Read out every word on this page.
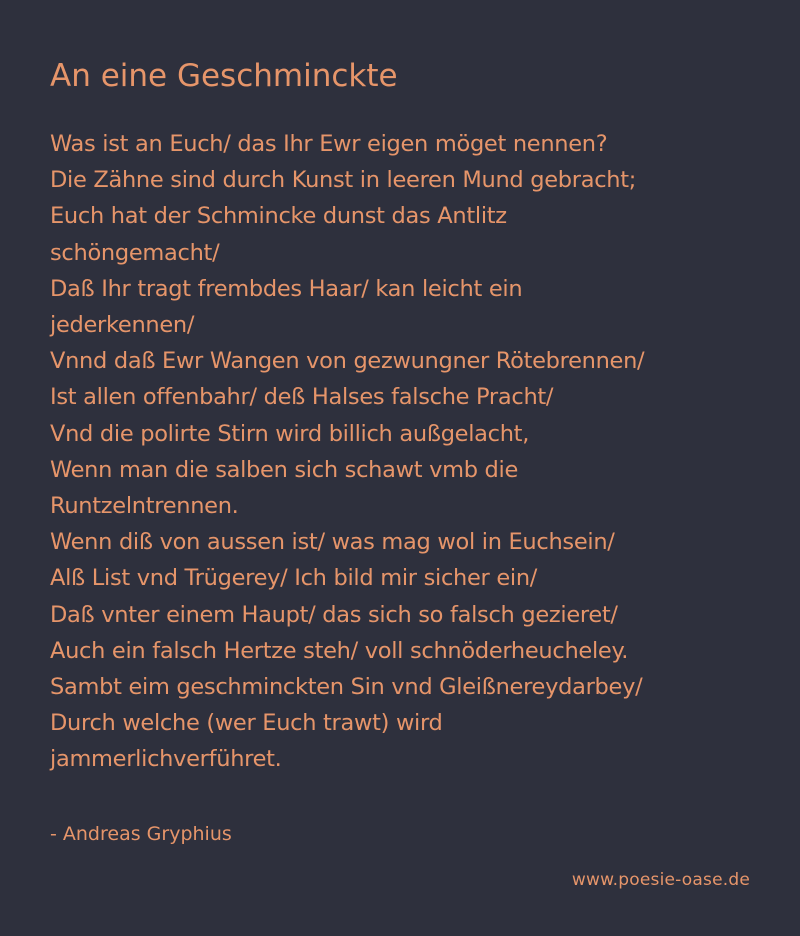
An eine Geschminckte
Was ist an Euch/ das Ihr Ewr eigen möget nennen?
Die Zähne sind durch Kunst in leeren Mund gebracht;
Euch hat der Schmincke dunst das Antlitz
schöngemacht/
Daß Ihr tragt frembdes Haar/ kan leicht ein
jederkennen/
Vnnd daß Ewr Wangen von gezwungner Rötebrennen/
Ist allen offenbahr/ deß Halses falsche Pracht/
Vnd die polirte Stirn wird billich außgelacht,
Wenn man die salben sich schawt vmb die
Runtzelntrennen.
Wenn diß von aussen ist/ was mag wol in Euchsein/
Alß List vnd Trügerey/ Ich bild mir sicher ein/
Daß vnter einem Haupt/ das sich so falsch gezieret/
Auch ein falsch Hertze steh/ voll schnöderheucheley.
Sambt eim geschminckten Sin vnd Gleißnereydarbey/
Durch welche (wer Euch trawt) wird
jammerlichverführet.
- Andreas Gryphius
www.poesie-oase.de
